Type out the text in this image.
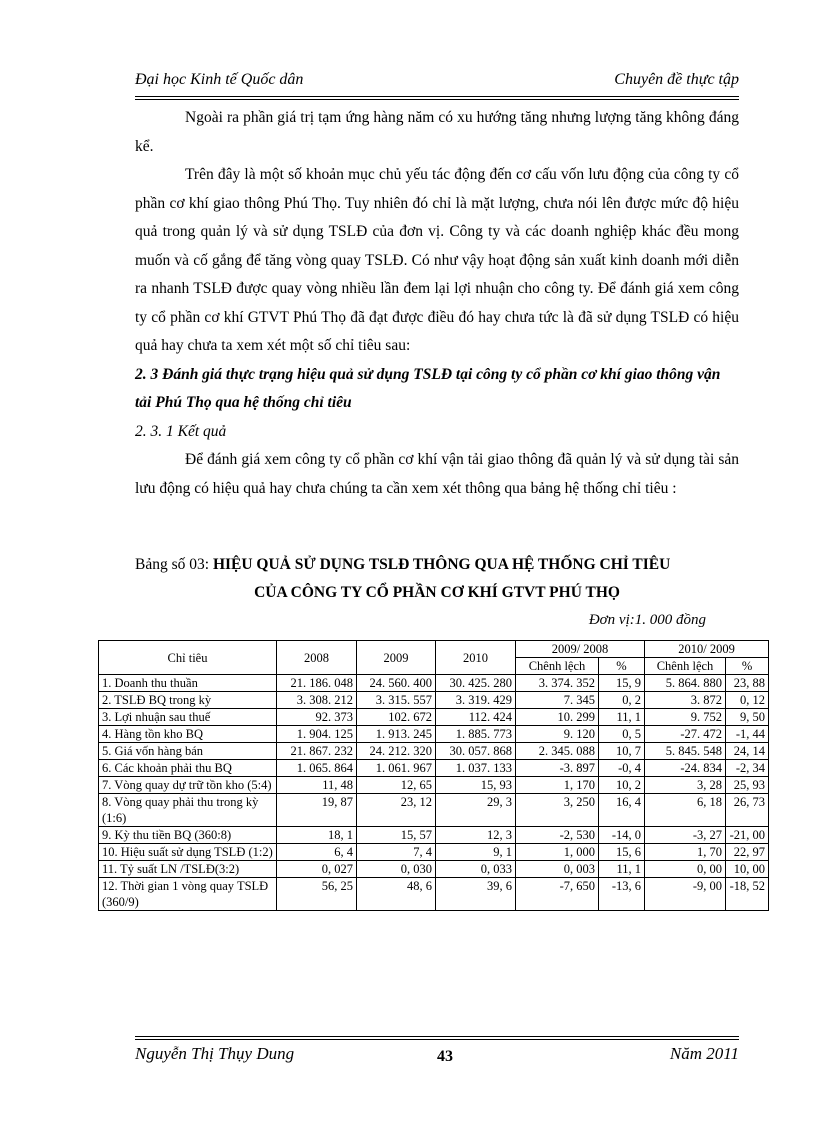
Đại học Kinh tế Quốc dân	Chuyên đề thực tập

Ngoài ra phần giá trị tạm ứng hàng năm có xu hướng tăng nhưng lượng tăng không đáng kể.

Trên đây là một số khoản mục chủ yếu tác động đến cơ cấu vốn lưu động của công ty cổ phần cơ khí giao thông Phú Thọ. Tuy nhiên đó chỉ là mặt lượng, chưa nói lên được mức độ hiệu quả trong quản lý và sử dụng TSLĐ của đơn vị. Công ty và các doanh nghiệp khác đều mong muốn và cố gắng để tăng vòng quay TSLĐ. Có như vậy hoạt động sản xuất kinh doanh mới diễn ra nhanh TSLĐ được quay vòng nhiều lần đem lại lợi nhuận cho công ty. Để đánh giá xem công ty cổ phần cơ khí GTVT Phú Thọ đã đạt được điều đó hay chưa tức là đã sử dụng TSLĐ có hiệu quả hay chưa ta xem xét một số chỉ tiêu sau:

2. 3 Đánh giá thực trạng hiệu quả sử dụng TSLĐ tại công ty cổ phần cơ khí giao thông vận tải Phú Thọ qua hệ thống chỉ tiêu

2. 3. 1 Kết quả

Để đánh giá xem công ty cổ phần cơ khí vận tải giao thông đã quản lý và sử dụng tài sản lưu động có hiệu quả hay chưa chúng ta cần xem xét thông qua bảng hệ thống chỉ tiêu :

Bảng số 03: HIỆU QUẢ SỬ DỤNG TSLĐ THÔNG QUA HỆ THỐNG CHỈ TIÊU
CỦA CÔNG TY CỔ PHẦN CƠ KHÍ GTVT PHÚ THỌ
Đơn vị:1. 000 đồng
Chỉ tiêu	2008	2009	2010	2009/ 2008		2010/ 2009	
				Chênh lệch	%	Chênh lệch	%
1. Doanh thu thuần	21. 186. 048	24. 560. 400	30. 425. 280	3. 374. 352	15, 9	5. 864. 880	23, 88
2. TSLĐ BQ trong kỳ	3. 308. 212	3. 315. 557	3. 319. 429	7. 345	0, 2	3. 872	0, 12
3. Lợi nhuận sau thuế	92. 373	102. 672	112. 424	10. 299	11, 1	9. 752	9, 50
4. Hàng tồn kho BQ	1. 904. 125	1. 913. 245	1. 885. 773	9. 120	0, 5	-27. 472	-1, 44
5. Giá vốn hàng bán	21. 867. 232	24. 212. 320	30. 057. 868	2. 345. 088	10, 7	5. 845. 548	24, 14
6. Các khoản phải thu BQ	1. 065. 864	1. 061. 967	1. 037. 133	-3. 897	-0, 4	-24. 834	-2, 34
7. Vòng quay dự trữ tồn kho (5:4)	11, 48	12, 65	15, 93	1, 170	10, 2	3, 28	25, 93
8. Vòng quay phải thu trong kỳ (1:6)	19, 87	23, 12	29, 3	3, 250	16, 4	6, 18	26, 73
9. Kỳ thu tiền BQ (360:8)	18, 1	15, 57	12, 3	-2, 530	-14, 0	-3, 27	-21, 00
10. Hiệu suất sử dụng TSLĐ (1:2)	6, 4	7, 4	9, 1	1, 000	15, 6	1, 70	22, 97
11. Tỷ suất LN /TSLĐ(3:2)	0, 027	0, 030	0, 033	0, 003	11, 1	0, 00	10, 00
12. Thời gian 1 vòng quay TSLĐ (360/9)	56, 25	48, 6	39, 6	-7, 650	-13, 6	-9, 00	-18, 52
Nguyễn Thị Thụy Dung	43	Năm 2011
